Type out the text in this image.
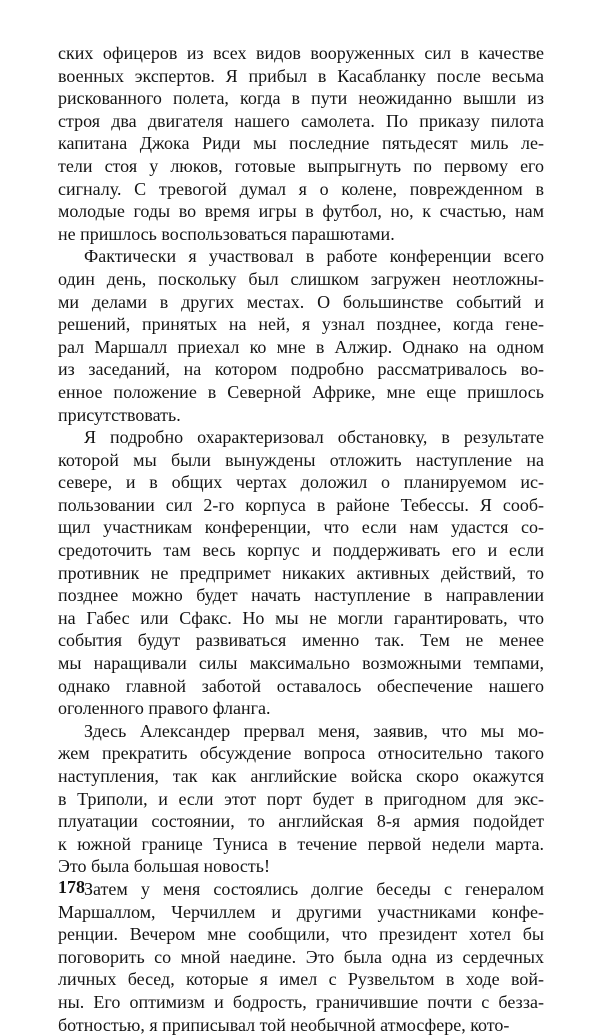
ских офицеров из всех видов вооруженных сил в качестве
военных экспертов. Я прибыл в Касабланку после весьма
рискованного полета, когда в пути неожиданно вышли из
строя два двигателя нашего самолета. По приказу пилота
капитана Джока Риди мы последние пятьдесят миль ле-
тели стоя у люков, готовые выпрыгнуть по первому его
сигналу. С тревогой думал я о колене, поврежденном в
молодые годы во время игры в футбол, но, к счастью, нам
не пришлось воспользоваться парашютами.
Фактически я участвовал в работе конференции всего
один день, поскольку был слишком загружен неотложны-
ми делами в других местах. О большинстве событий и
решений, принятых на ней, я узнал позднее, когда гене-
рал Маршалл приехал ко мне в Алжир. Однако на одном
из заседаний, на котором подробно рассматривалось во-
енное положение в Северной Африке, мне еще пришлось
присутствовать.
Я подробно охарактеризовал обстановку, в результате
которой мы были вынуждены отложить наступление на
севере, и в общих чертах доложил о планируемом ис-
пользовании сил 2-го корпуса в районе Тебессы. Я сооб-
щил участникам конференции, что если нам удастся со-
средоточить там весь корпус и поддерживать его и если
противник не предпримет никаких активных действий, то
позднее можно будет начать наступление в направлении
на Габес или Сфакс. Но мы не могли гарантировать, что
события будут развиваться именно так. Тем не менее
мы наращивали силы максимально возможными темпами,
однако главной заботой оставалось обеспечение нашего
оголенного правого фланга.
Здесь Александер прервал меня, заявив, что мы мо-
жем прекратить обсуждение вопроса относительно такого
наступления, так как английские войска скоро окажутся
в Триполи, и если этот порт будет в пригодном для экс-
плуатации состоянии, то английская 8-я армия подойдет
к южной границе Туниса в течение первой недели марта.
Это была большая новость!
Затем у меня состоялись долгие беседы с генералом
Маршаллом, Черчиллем и другими участниками конфе-
ренции. Вечером мне сообщили, что президент хотел бы
поговорить со мной наедине. Это была одна из сердечных
личных бесед, которые я имел с Рузвельтом в ходе вой-
ны. Его оптимизм и бодрость, граничившие почти с безза-
ботностью, я приписывал той необычной атмосфере, кото-
178
